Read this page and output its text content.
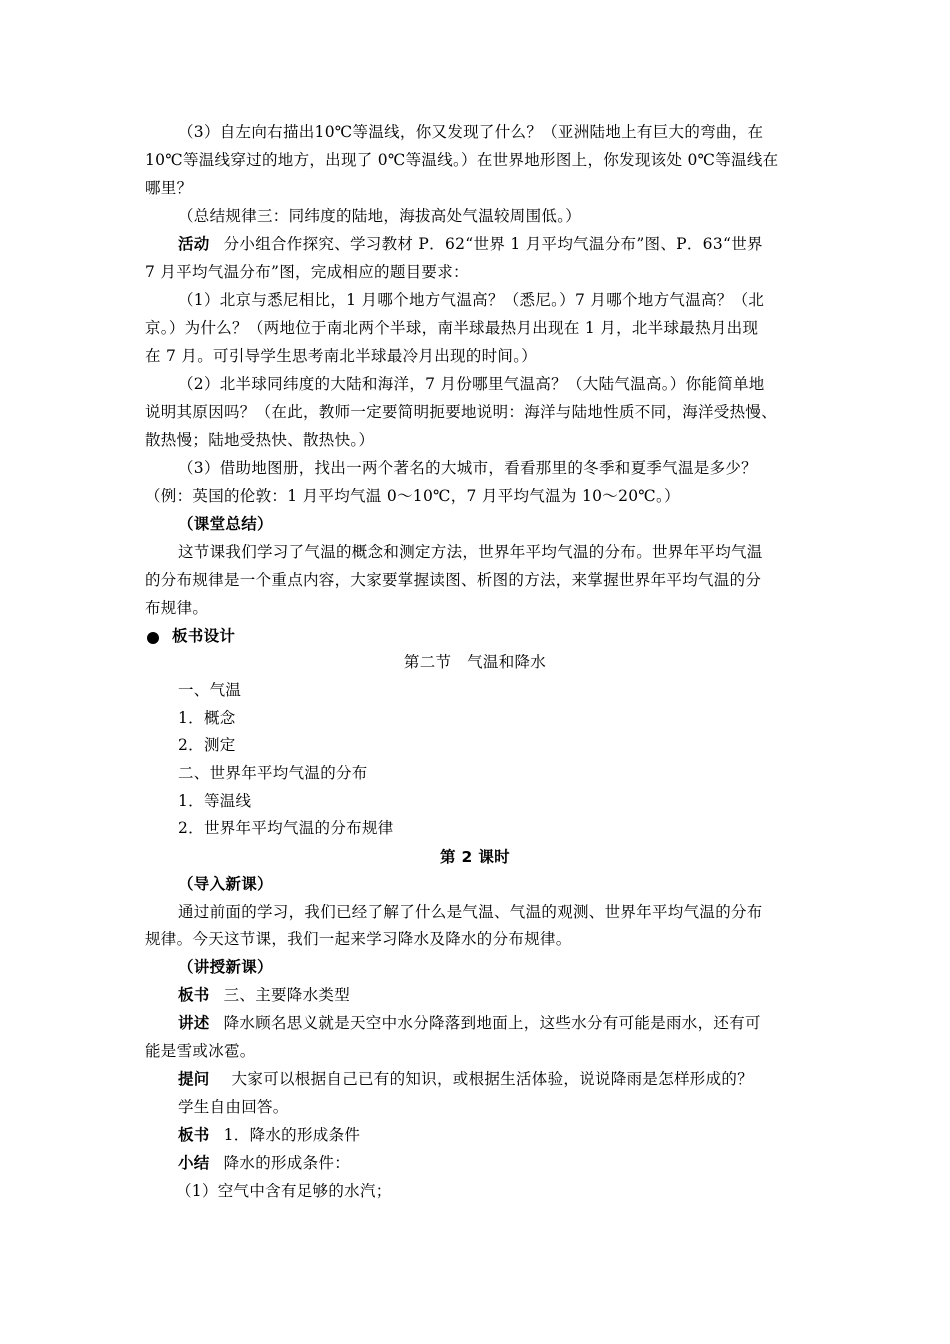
（3）自左向右描出10℃等温线，你又发现了什么？（亚洲陆地上有巨大的弯曲，在
10℃等温线穿过的地方，出现了 0℃等温线。）在世界地形图上，你发现该处 0℃等温线在
哪里？
（总结规律三：同纬度的陆地，海拔高处气温较周围低。）
活动 分小组合作探究、学习教材 P．62“世界 1 月平均气温分布”图、P．63“世界
7 月平均气温分布”图，完成相应的题目要求：
（1）北京与悉尼相比，1 月哪个地方气温高？（悉尼。）7 月哪个地方气温高？（北
京。）为什么？（两地位于南北两个半球，南半球最热月出现在 1 月，北半球最热月出现
在 7 月。可引导学生思考南北半球最冷月出现的时间。）
（2）北半球同纬度的大陆和海洋，7 月份哪里气温高？（大陆气温高。）你能简单地
说明其原因吗？（在此，教师一定要简明扼要地说明：海洋与陆地性质不同，海洋受热慢、
散热慢；陆地受热快、散热快。）
（3）借助地图册，找出一两个著名的大城市，看看那里的冬季和夏季气温是多少？
（例：英国的伦敦：1 月平均气温 0～10℃，7 月平均气温为 10～20℃。）
（课堂总结）
这节课我们学习了气温的概念和测定方法，世界年平均气温的分布。世界年平均气温
的分布规律是一个重点内容，大家要掌握读图、析图的方法，来掌握世界年平均气温的分
布规律。
板书设计
第二节　气温和降水
一、气温
1．概念
2．测定
二、世界年平均气温的分布
1．等温线
2．世界年平均气温的分布规律
第 2 课时
（导入新课）
通过前面的学习，我们已经了解了什么是气温、气温的观测、世界年平均气温的分布
规律。今天这节课，我们一起来学习降水及降水的分布规律。
（讲授新课）
板书 三、主要降水类型
讲述 降水顾名思义就是天空中水分降落到地面上，这些水分有可能是雨水，还有可
能是雪或冰雹。
提问 大家可以根据自己已有的知识，或根据生活体验，说说降雨是怎样形成的？
学生自由回答。
板书 1．降水的形成条件
小结 降水的形成条件：
（1）空气中含有足够的水汽；
